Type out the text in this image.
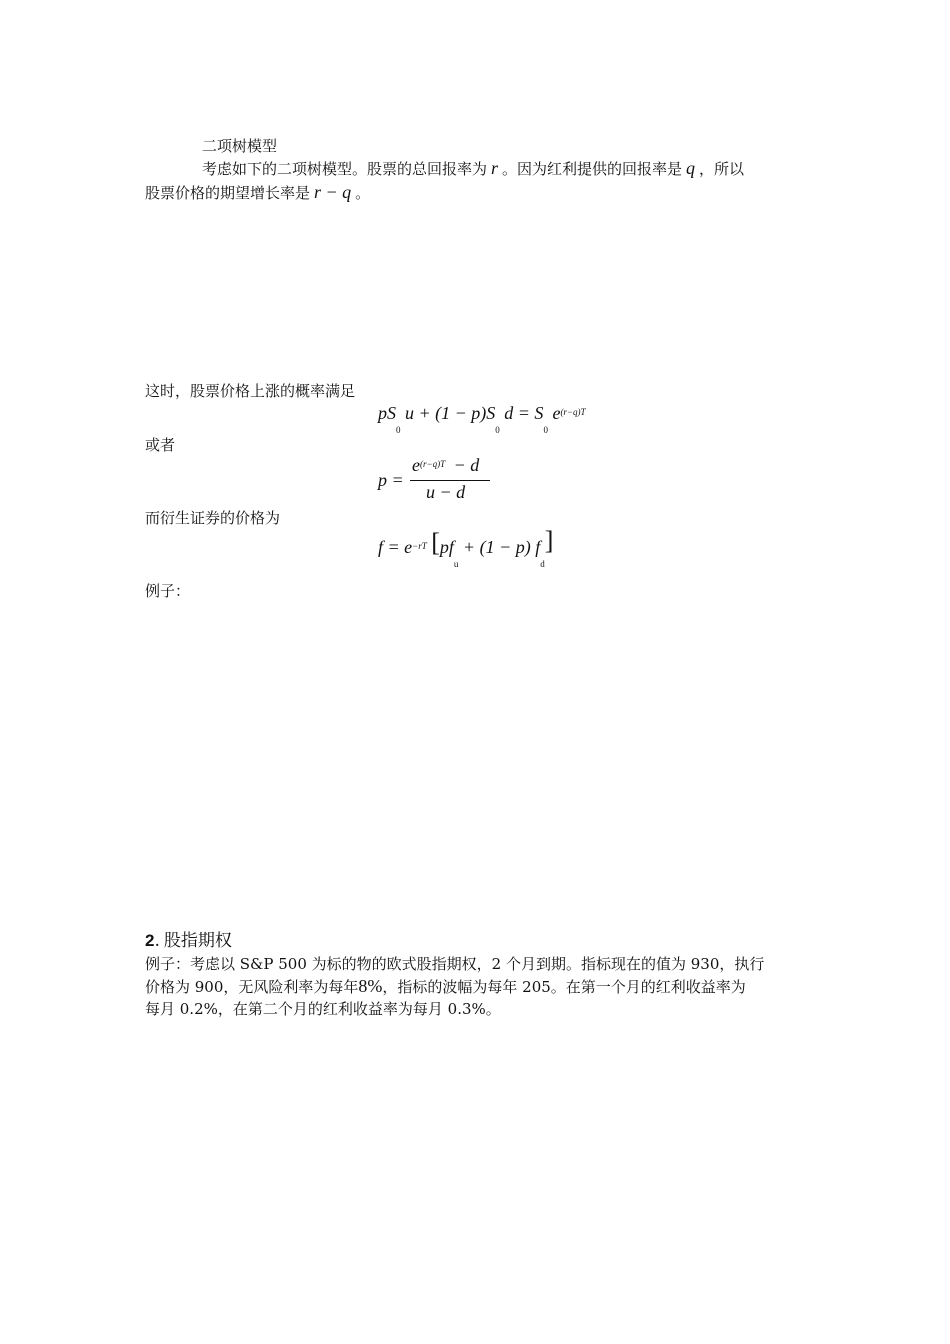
二项树模型
考虑如下的二项树模型。股票的总回报率为 r 。因为红利提供的回报率是 q ，所以
股票价格的期望增长率是 r − q 。
这时，股票价格上涨的概率满足
$pS_0$ $u + (1 - p)S_0$ $d = S_0$ $e^{(r-q)T}$
或者
p =
$e^{(r-q)T} - d$
u − d
而衍生证券的价格为
$f = e^{-rT}$ [$pf_u + (1 - p)$ $f_d$]
例子：
2. 股指期权
例子：考虑以 S&P 500 为标的物的欧式股指期权，2 个月到期。指标现在的值为 930，执行
价格为 900，无风险利率为每年8%，指标的波幅为每年 205。在第一个月的红利收益率为
每月 0.2%，在第二个月的红利收益率为每月 0.3%。
